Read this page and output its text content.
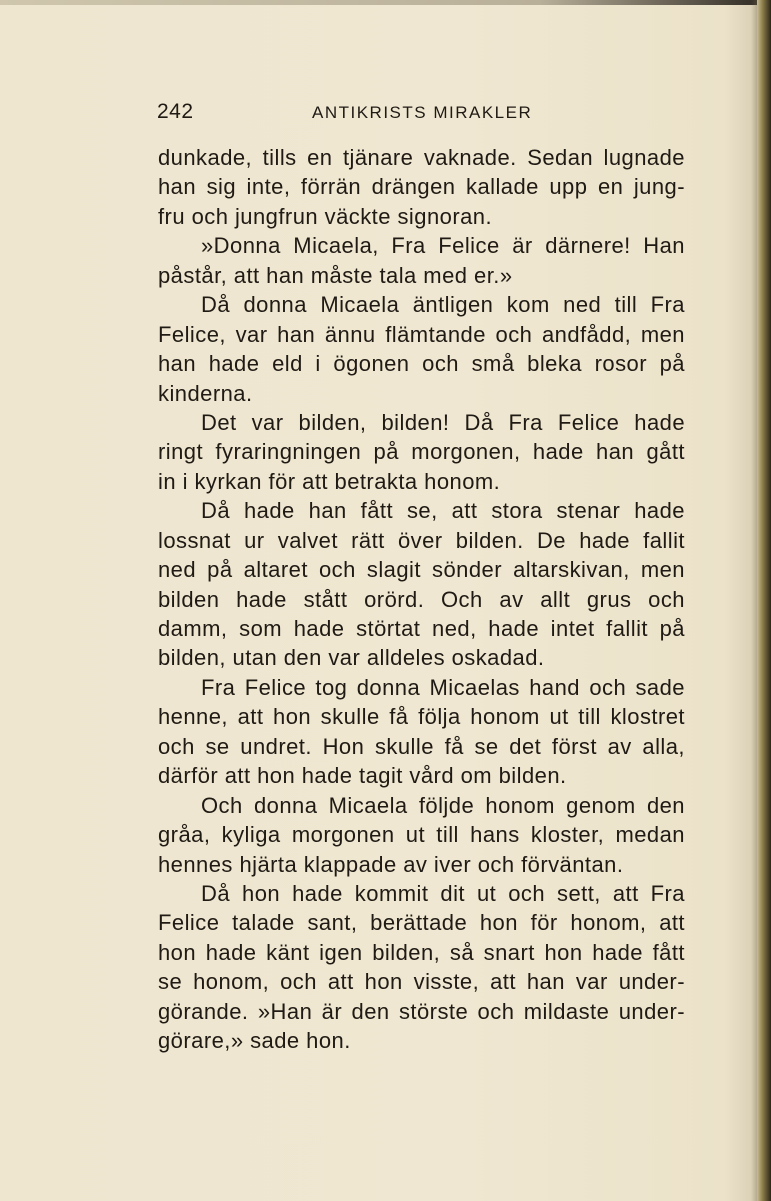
242	ANTIKRISTS MIRAKLER
dunkade, tills en tjänare vaknade. Sedan lugnade
han sig inte, förrän drängen kallade upp en jung-
fru och jungfrun väckte signoran.
»Donna Micaela, Fra Felice är därnere! Han
påstår, att han måste tala med er.»
Då donna Micaela äntligen kom ned till Fra
Felice, var han ännu flämtande och andfådd, men
han hade eld i ögonen och små bleka rosor på
kinderna.
Det var bilden, bilden! Då Fra Felice hade
ringt fyraringningen på morgonen, hade han gått
in i kyrkan för att betrakta honom.
Då hade han fått se, att stora stenar hade
lossnat ur valvet rätt över bilden. De hade fallit
ned på altaret och slagit sönder altarskivan, men
bilden hade stått orörd. Och av allt grus och
damm, som hade störtat ned, hade intet fallit på
bilden, utan den var alldeles oskadad.
Fra Felice tog donna Micaelas hand och sade
henne, att hon skulle få följa honom ut till klostret
och se undret. Hon skulle få se det först av alla,
därför att hon hade tagit vård om bilden.
Och donna Micaela följde honom genom den
gråa, kyliga morgonen ut till hans kloster, medan
hennes hjärta klappade av iver och förväntan.
Då hon hade kommit dit ut och sett, att Fra
Felice talade sant, berättade hon för honom, att
hon hade känt igen bilden, så snart hon hade fått
se honom, och att hon visste, att han var under-
görande. »Han är den störste och mildaste under-
görare,» sade hon.
